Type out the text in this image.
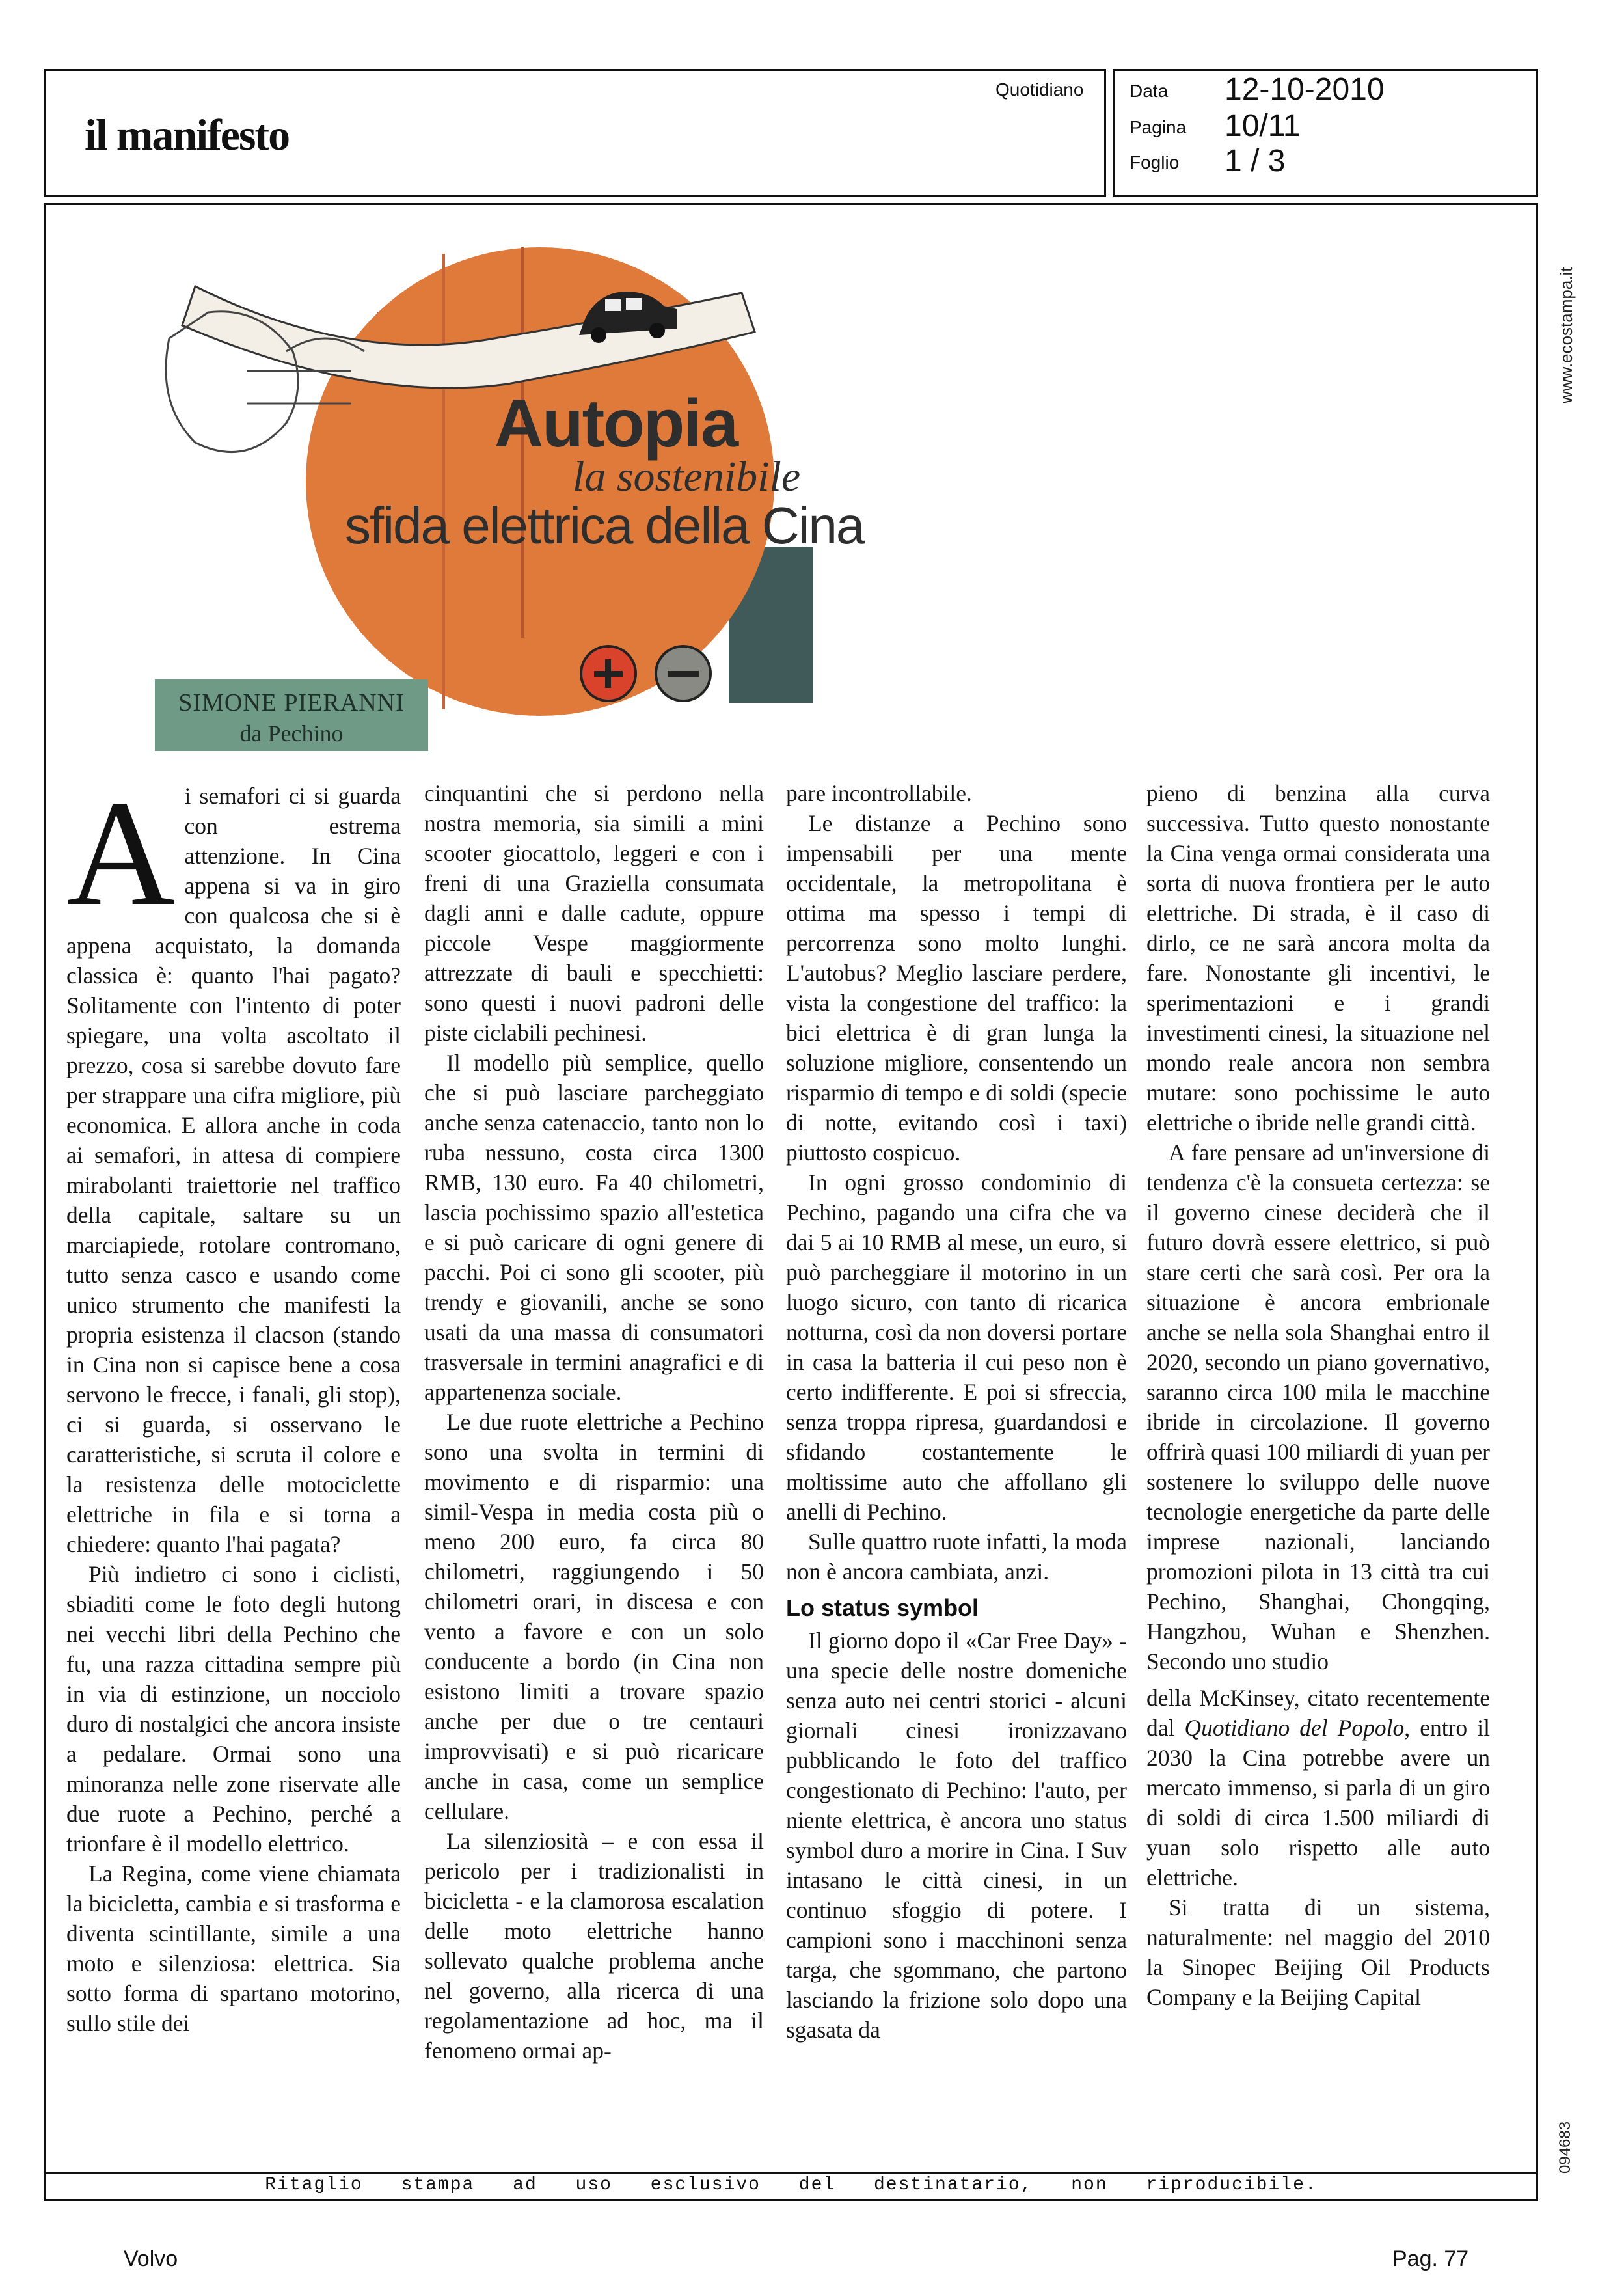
il manifesto
Quotidiano	Data 12-10-2010
Pagina 10/11
Foglio 1 / 3
www.ecostampa.it
094683
Autopia
la sostenibile
sfida elettrica della Cina
SIMONE PIERANNI
da Pechino
A i semafori ci si guarda con estrema attenzione. In Cina appena si va in giro con qualcosa che si è appena acquistato, la domanda classica è: quanto l'hai pagato? Solitamente con l'intento di poter spiegare, una volta ascoltato il prezzo, cosa si sarebbe dovuto fare per strappare una cifra migliore, più economica. E allora anche in coda ai semafori, in attesa di compiere mirabolanti traiettorie nel traffico della capitale, saltare su un marciapiede, rotolare contromano, tutto senza casco e usando come unico strumento che manifesti la propria esistenza il clacson (stando in Cina non si capisce bene a cosa servono le frecce, i fanali, gli stop), ci si guarda, si osservano le caratteristiche, si scruta il colore e la resistenza delle motociclette elettriche in fila e si torna a chiedere: quanto l'hai pagata?

Più indietro ci sono i ciclisti, sbiaditi come le foto degli hutong nei vecchi libri della Pechino che fu, una razza cittadina sempre più in via di estinzione, un nocciolo duro di nostalgici che ancora insiste a pedalare. Ormai sono una minoranza nelle zone riservate alle due ruote a Pechino, perché a trionfare è il modello elettrico.

La Regina, come viene chiamata la bicicletta, cambia e si trasforma e diventa scintillante, simile a una moto e silenziosa: elettrica. Sia sotto forma di spartano motorino, sullo stile dei

cinquantini che si perdono nella nostra memoria, sia simili a mini scooter giocattolo, leggeri e con i freni di una Graziella consumata dagli anni e dalle cadute, oppure piccole Vespe maggiormente attrezzate di bauli e specchietti: sono questi i nuovi padroni delle piste ciclabili pechinesi.

Il modello più semplice, quello che si può lasciare parcheggiato anche senza catenaccio, tanto non lo ruba nessuno, costa circa 1300 RMB, 130 euro. Fa 40 chilometri, lascia pochissimo spazio all'estetica e si può caricare di ogni genere di pacchi. Poi ci sono gli scooter, più trendy e giovanili, anche se sono usati da una massa di consumatori trasversale in termini anagrafici e di appartenenza sociale.

Le due ruote elettriche a Pechino sono una svolta in termini di movimento e di risparmio: una simil-Vespa in media costa più o meno 200 euro, fa circa 80 chilometri, raggiungendo i 50 chilometri orari, in discesa e con vento a favore e con un solo conducente a bordo (in Cina non esistono limiti a trovare spazio anche per due o tre centauri improvvisati) e si può ricaricare anche in casa, come un semplice cellulare.

La silenziosità – e con essa il pericolo per i tradizionalisti in bicicletta - e la clamorosa escalation delle moto elettriche hanno sollevato qualche problema anche nel governo, alla ricerca di una regolamentazione ad hoc, ma il fenomeno ormai ap-

pare incontrollabile.

Le distanze a Pechino sono impensabili per una mente occidentale, la metropolitana è ottima ma spesso i tempi di percorrenza sono molto lunghi. L'autobus? Meglio lasciare perdere, vista la congestione del traffico: la bici elettrica è di gran lunga la soluzione migliore, consentendo un risparmio di tempo e di soldi (specie di notte, evitando così i taxi) piuttosto cospicuo.

In ogni grosso condominio di Pechino, pagando una cifra che va dai 5 ai 10 RMB al mese, un euro, si può parcheggiare il motorino in un luogo sicuro, con tanto di ricarica notturna, così da non doversi portare in casa la batteria il cui peso non è certo indifferente. E poi si sfreccia, senza troppa ripresa, guardandosi e sfidando costantemente le moltissime auto che affollano gli anelli di Pechino.

Sulle quattro ruote infatti, la moda non è ancora cambiata, anzi.

Lo status symbol

Il giorno dopo il «Car Free Day» - una specie delle nostre domeniche senza auto nei centri storici - alcuni giornali cinesi ironizzavano pubblicando le foto del traffico congestionato di Pechino: l'auto, per niente elettrica, è ancora uno status symbol duro a morire in Cina. I Suv intasano le città cinesi, in un continuo sfoggio di potere. I campioni sono i macchinoni senza targa, che sgommano, che partono lasciando la frizione solo dopo una sgasata da

pieno di benzina alla curva successiva. Tutto questo nonostante la Cina venga ormai considerata una sorta di nuova frontiera per le auto elettriche. Di strada, è il caso di dirlo, ce ne sarà ancora molta da fare. Nonostante gli incentivi, le sperimentazioni e i grandi investimenti cinesi, la situazione nel mondo reale ancora non sembra mutare: sono pochissime le auto elettriche o ibride nelle grandi città.

A fare pensare ad un'inversione di tendenza c'è la consueta certezza: se il governo cinese deciderà che il futuro dovrà essere elettrico, si può stare certi che sarà così. Per ora la situazione è ancora embrionale anche se nella sola Shanghai entro il 2020, secondo un piano governativo, saranno circa 100 mila le macchine ibride in circolazione. Il governo offrirà quasi 100 miliardi di yuan per sostenere lo sviluppo delle nuove tecnologie energetiche da parte delle imprese nazionali, lanciando promozioni pilota in 13 città tra cui Pechino, Shanghai, Chongqing, Hangzhou, Wuhan e Shenzhen. Secondo uno studio

della McKinsey, citato recentemente dal Quotidiano del Popolo, entro il 2030 la Cina potrebbe avere un mercato immenso, si parla di un giro di soldi di circa 1.500 miliardi di yuan solo rispetto alle auto elettriche.

Si tratta di un sistema, naturalmente: nel maggio del 2010 la Sinopec Beijing Oil Products Company e la Beijing Capital

Ritaglio stampa ad uso esclusivo del destinatario, non riproducibile.
Volvo	Pag. 77
